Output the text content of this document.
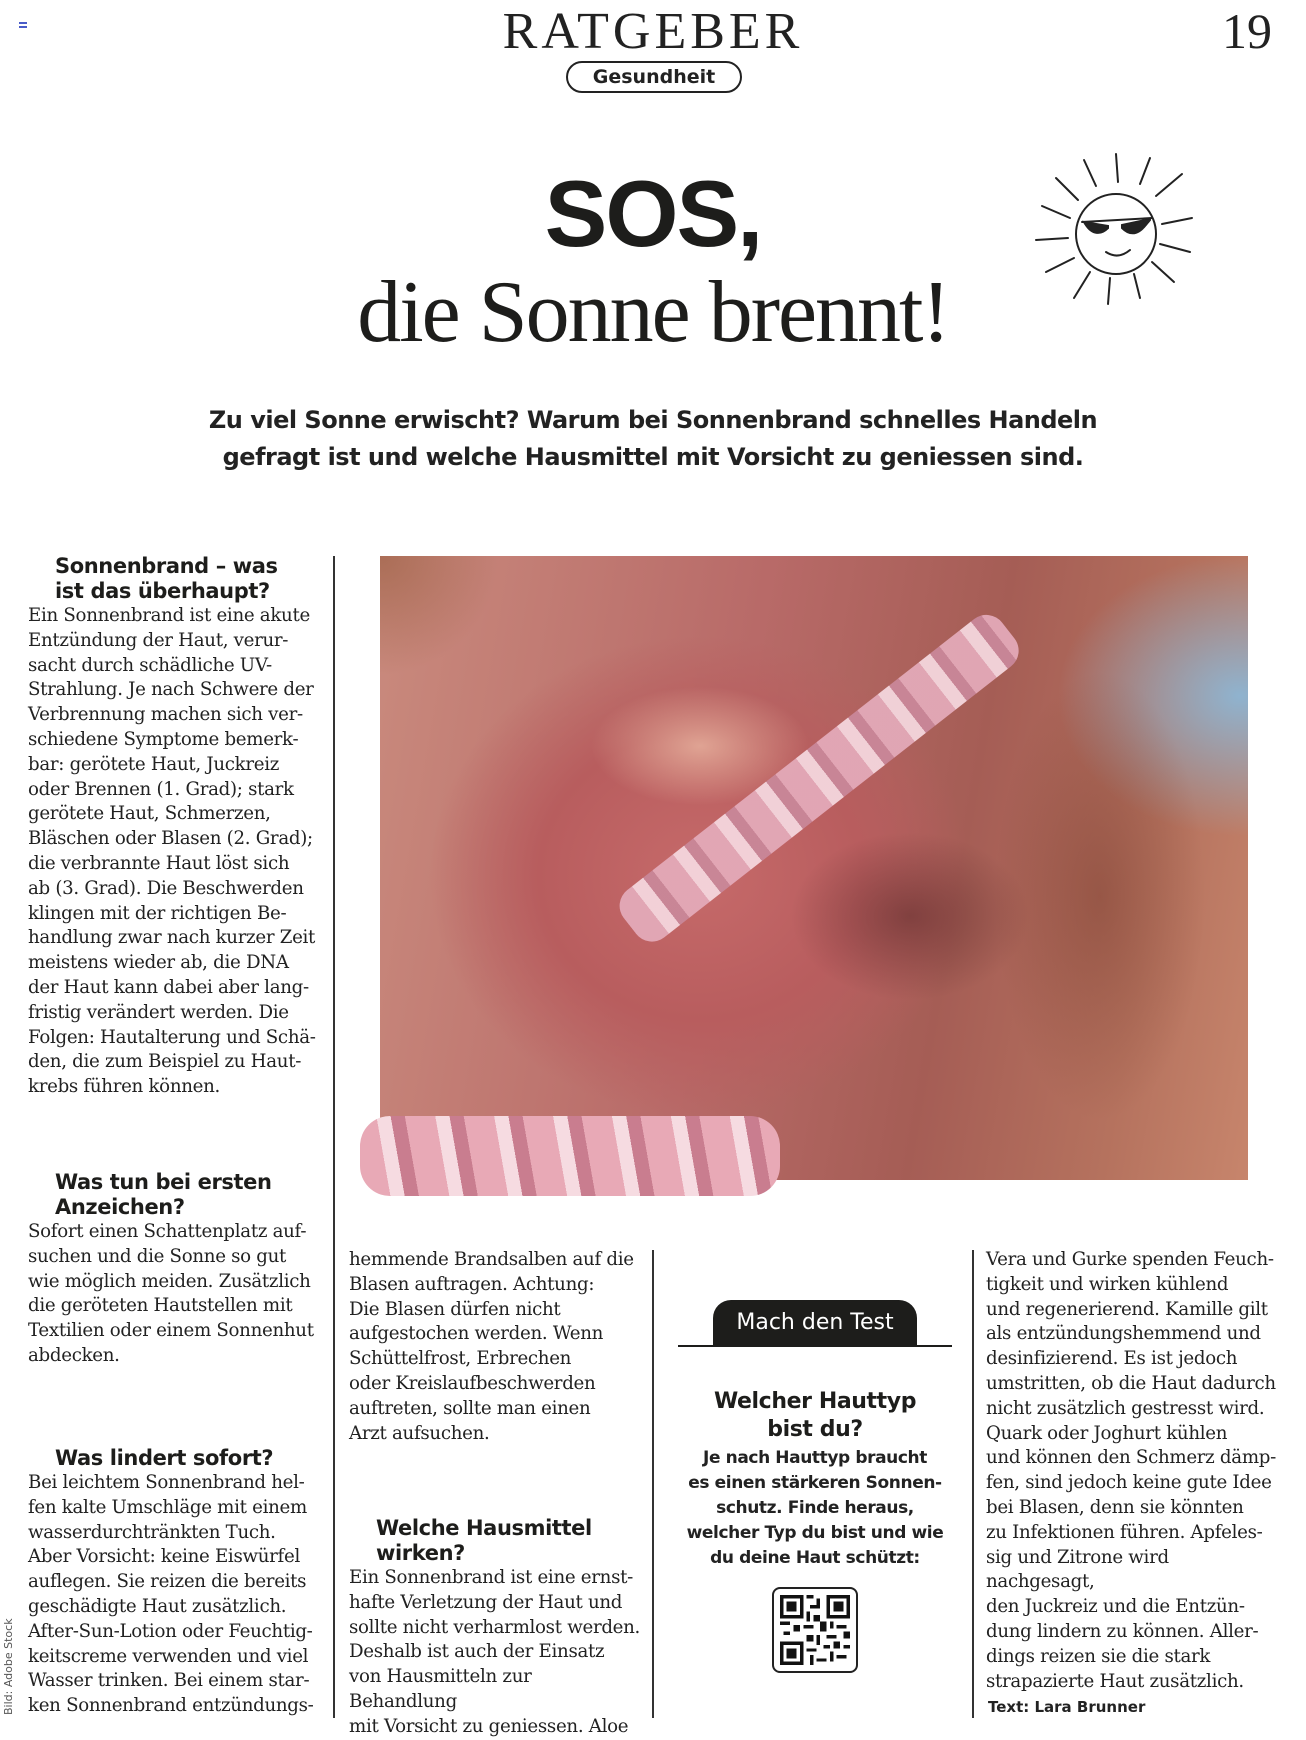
RATGEBER	19
Gesundheit
SOS,
die Sonne brennt!
Zu viel Sonne erwischt? Warum bei Sonnenbrand schnelles Handeln
gefragt ist und welche Hausmittel mit Vorsicht zu geniessen sind.
Sonnenbrand – was
ist das überhaupt?

Ein Sonnenbrand ist eine akute

Entzündung der Haut, verur-

sacht durch schädliche UV-

Strahlung. Je nach Schwere der

Verbrennung machen sich ver-

schiedene Symptome bemerk-

bar: gerötete Haut, Juckreiz

oder Brennen (1. Grad); stark

gerötete Haut, Schmerzen,

Bläschen oder Blasen (2. Grad);

die verbrannte Haut löst sich

ab (3. Grad). Die Beschwerden

klingen mit der richtigen Be-

handlung zwar nach kurzer Zeit

meistens wieder ab, die DNA

der Haut kann dabei aber lang-

fristig verändert werden. Die

Folgen: Hautalterung und Schä-

den, die zum Beispiel zu Haut-

krebs führen können.

Was tun bei ersten
Anzeichen?

Sofort einen Schattenplatz auf-

suchen und die Sonne so gut

wie möglich meiden. Zusätzlich

die geröteten Hautstellen mit

Textilien oder einem Sonnenhut

abdecken.

Was lindert sofort?

Bei leichtem Sonnenbrand hel-

fen kalte Umschläge mit einem

wasserdurchtränkten Tuch.

Aber Vorsicht: keine Eiswürfel

auflegen. Sie reizen die bereits

geschädigte Haut zusätzlich.

After-Sun-Lotion oder Feuchtig-

keitscreme verwenden und viel

Wasser trinken. Bei einem star-

ken Sonnenbrand entzündungs-

hemmende Brandsalben auf die

Blasen auftragen. Achtung:

Die Blasen dürfen nicht

aufgestochen werden. Wenn

Schüttelfrost, Erbrechen

oder Kreislaufbeschwerden

auftreten, sollte man einen

Arzt aufsuchen.

Welche Hausmittel
wirken?

Ein Sonnenbrand ist eine ernst-

hafte Verletzung der Haut und

sollte nicht verharmlost werden.

Deshalb ist auch der Einsatz

von Hausmitteln zur Behandlung

mit Vorsicht zu geniessen. Aloe

Mach den Test
Welcher Hauttyp
bist du?
Je nach Hauttyp braucht
es einen stärkeren Sonnen-
schutz. Finde heraus,
welcher Typ du bist und wie
du deine Haut schützt:

Vera und Gurke spenden Feuch-

tigkeit und wirken kühlend

und regenerierend. Kamille gilt

als entzündungshemmend und

desinfizierend. Es ist jedoch

umstritten, ob die Haut dadurch

nicht zusätzlich gestresst wird.

Quark oder Joghurt kühlen

und können den Schmerz dämp-

fen, sind jedoch keine gute Idee

bei Blasen, denn sie könnten

zu Infektionen führen. Apfeles-

sig und Zitrone wird nachgesagt,

den Juckreiz und die Entzün-

dung lindern zu können. Aller-

dings reizen sie die stark

strapazierte Haut zusätzlich.

Text: Lara Brunner
Bild: Adobe Stock
